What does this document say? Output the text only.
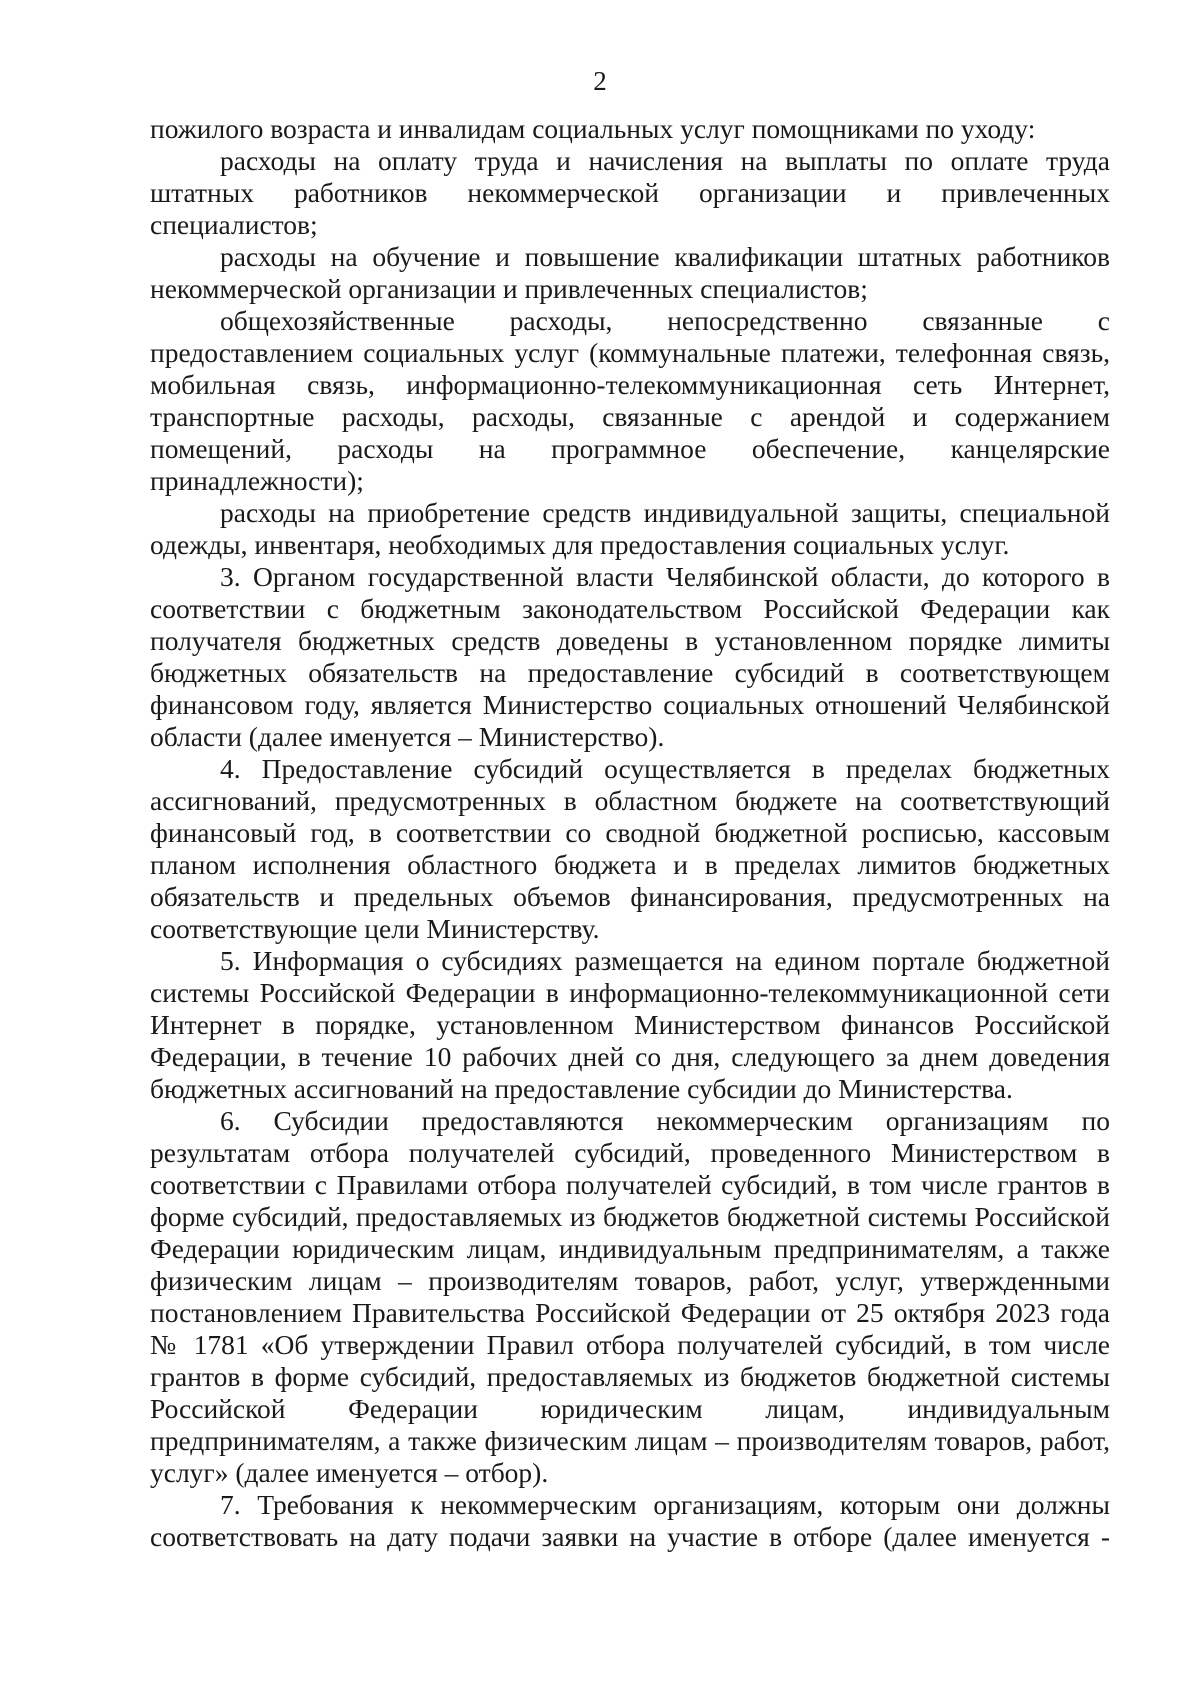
2

пожилого возраста и инвалидам социальных услуг помощниками по уходу:

расходы на оплату труда и начисления на выплаты по оплате труда штатных работников некоммерческой организации и привлеченных специалистов;

расходы на обучение и повышение квалификации штатных работников некоммерческой организации и привлеченных специалистов;

общехозяйственные расходы, непосредственно связанные с предоставлением социальных услуг (коммунальные платежи, телефонная связь, мобильная связь, информационно-телекоммуникационная сеть Интернет, транспортные расходы, расходы, связанные с арендой и содержанием помещений, расходы на программное обеспечение, канцелярские принадлежности);

расходы на приобретение средств индивидуальной защиты, специальной одежды, инвентаря, необходимых для предоставления социальных услуг.

3. Органом государственной власти Челябинской области, до которого в соответствии с бюджетным законодательством Российской Федерации как получателя бюджетных средств доведены в установленном порядке лимиты бюджетных обязательств на предоставление субсидий в соответствующем финансовом году, является Министерство социальных отношений Челябинской области (далее именуется – Министерство).

4. Предоставление субсидий осуществляется в пределах бюджетных ассигнований, предусмотренных в областном бюджете на соответствующий финансовый год, в соответствии со сводной бюджетной росписью, кассовым планом исполнения областного бюджета и в пределах лимитов бюджетных обязательств и предельных объемов финансирования, предусмотренных на соответствующие цели Министерству.

5. Информация о субсидиях размещается на едином портале бюджетной системы Российской Федерации в информационно-телекоммуникационной сети Интернет в порядке, установленном Министерством финансов Российской Федерации, в течение 10 рабочих дней со дня, следующего за днем доведения бюджетных ассигнований на предоставление субсидии до Министерства.

6. Субсидии предоставляются некоммерческим организациям по результатам отбора получателей субсидий, проведенного Министерством в соответствии с Правилами отбора получателей субсидий, в том числе грантов в форме субсидий, предоставляемых из бюджетов бюджетной системы Российской Федерации юридическим лицам, индивидуальным предпринимателям, а также физическим лицам – производителям товаров, работ, услуг, утвержденными постановлением Правительства Российской Федерации от 25 октября 2023 года № 1781 «Об утверждении Правил отбора получателей субсидий, в том числе грантов в форме субсидий, предоставляемых из бюджетов бюджетной системы Российской Федерации юридическим лицам, индивидуальным предпринимателям, а также физическим лицам – производителям товаров, работ, услуг» (далее именуется – отбор).

7. Требования к некоммерческим организациям, которым они должны соответствовать на дату подачи заявки на участие в отборе (далее именуется -
